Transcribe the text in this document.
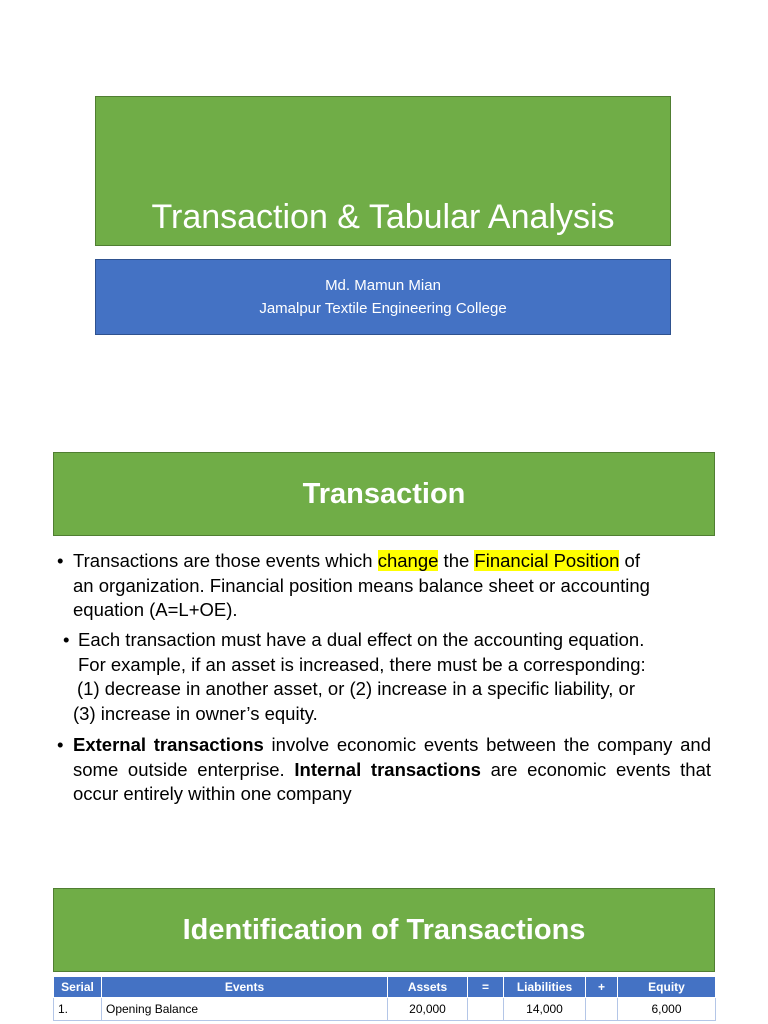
Transaction & Tabular Analysis
Md. Mamun Mian
Jamalpur Textile Engineering College
Transaction
• Transactions are those events which change the Financial Position of
an organization. Financial position means balance sheet or accounting
equation (A=L+OE).
• Each transaction must have a dual effect on the accounting equation.
For example, if an asset is increased, there must be a corresponding:
(1) decrease in another asset, or (2) increase in a specific liability, or
(3) increase in owner’s equity.
• External transactions involve economic events between the company and some outside enterprise. Internal transactions are economic events that occur entirely within one company
Identification of Transactions
Serial	Events	Assets	=	Liabilities	+	Equity
1.	Opening Balance	20,000		14,000		6,000
